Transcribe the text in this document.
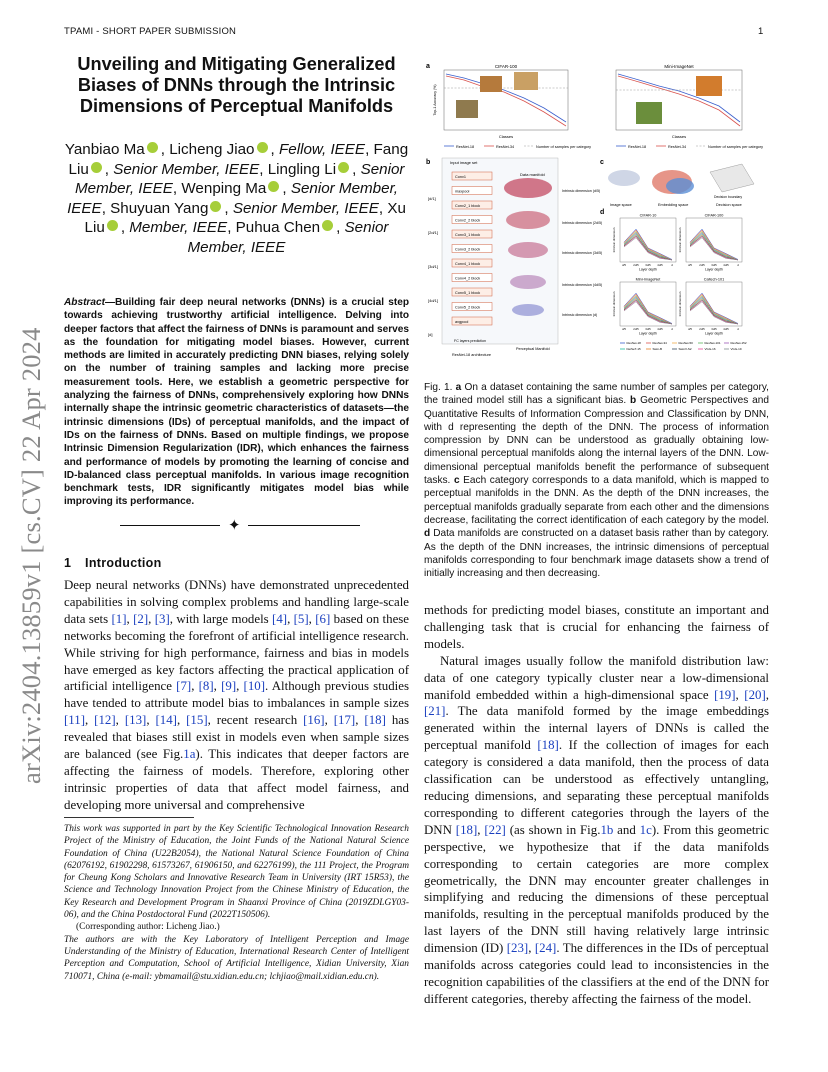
TPAMI - SHORT PAPER SUBMISSION	1
arXiv:2404.13859v1 [cs.CV] 22 Apr 2024
Unveiling and Mitigating Generalized Biases of DNNs through the Intrinsic Dimensions of Perceptual Manifolds
Yanbiao Ma , Licheng Jiao , Fellow, IEEE, Fang Liu , Senior Member, IEEE, Lingling Li , Senior Member, IEEE, Wenping Ma , Senior Member, IEEE, Shuyuan Yang , Senior Member, IEEE, Xu Liu , Member, IEEE, Puhua Chen , Senior Member, IEEE

Abstract—Building fair deep neural networks (DNNs) is a crucial step towards achieving trustworthy artificial intelligence. Delving into deeper factors that affect the fairness of DNNs is paramount and serves as the foundation for mitigating model biases. However, current methods are limited in accurately predicting DNN biases, relying solely on the number of training samples and lacking more precise measurement tools. Here, we establish a geometric perspective for analyzing the fairness of DNNs, comprehensively exploring how DNNs internally shape the intrinsic geometric characteristics of datasets—the intrinsic dimensions (IDs) of perceptual manifolds, and the impact of IDs on the fairness of DNNs. Based on multiple findings, we propose Intrinsic Dimension Regularization (IDR), which enhances the fairness and performance of models by promoting the learning of concise and ID-balanced class perceptual manifolds. In various image recognition benchmark tests, IDR significantly mitigates model bias while improving its performance.

✦
1 Introduction

Deep neural networks (DNNs) have demonstrated unprecedented capabilities in solving complex problems and handling large-scale data sets [1], [2], [3], with large models [4], [5], [6] based on these networks becoming the forefront of artificial intelligence research. While striving for high performance, fairness and bias in models have emerged as key factors affecting the practical application of artificial intelligence [7], [8], [9], [10]. Although previous studies have tended to attribute model bias to imbalances in sample sizes [11], [12], [13], [14], [15], recent research [16], [17], [18] has revealed that biases still exist in models even when sample sizes are balanced (see Fig.1a). This indicates that deeper factors are affecting the fairness of models. Therefore, exploring other intrinsic properties of data that affect model fairness, and developing more universal and comprehensive

This work was supported in part by the Key Scientific Technological Innovation Research Project of the Ministry of Education, the Joint Funds of the National Natural Science Foundation of China (U22B2054), the National Natural Science Foundation of China (62076192, 61902298, 61573267, 61906150, and 62276199), the 111 Project, the Program for Cheung Kong Scholars and Innovative Research Team in University (IRT 15R53), the Science and Technology Innovation Project from the Chinese Ministry of Education, the Key Research and Development Program in Shaanxi Province of China (2019ZDLGY03-06), and the China Postdoctoral Fund (2022T150506).

(Corresponding author: Licheng Jiao.)

The authors are with the Key Laboratory of Intelligent Perception and Image Understanding of the Ministry of Education, International Research Center of Intelligent Perception and Computation, School of Artificial Intelligence, Xidian University, Xian 710071, China (e-mail: ybmamail@stu.xidian.edu.cn; lchjiao@mail.xidian.edu.cn).

a	CIFAR-100
Classes
Top-1 Accuracy (%)
Mini-ImageNet
Classes
ResNet-18	ResNet-34	Number of samples per category	ResNet-18	ResNet-34	Number of samples per category
b	Input image set
Conv1
maxpool
Conv2_1 block
Conv2_2 block
Conv3_1 block
Conv3_2 block
Conv4_1 block
Conv4_2 block
Conv5_1 block
Conv5_2 block
avgpool
FC layers prediction
[d/1]
[2d/1]
[3d/1]
[4d/1]
[d]
Data manifold
Intrinsic dimension (d/5)
Intrinsic dimension (2d/5)
Intrinsic dimension (3d/5)
Intrinsic dimension (4d/5)
Intrinsic dimension (d)
Perceptual Manifold
ResNet-18 architecture
c
Image space	Embedding space	Decision space
Decision boundary
d	CIFAR-10
d/5	2d/5 3d/5 4d/5	d
Layer depth
Intrinsic dimension
CIFAR-100
d/5	2d/5 3d/5 4d/5	d
Layer depth
Intrinsic dimension
Mini-ImageNet
d/5	2d/5 3d/5 4d/5	d
Layer depth
Intrinsic dimension
Caltech-101
d/5	2d/5 3d/5 4d/5	d
Layer depth
Intrinsic dimension
ResNet-18	ResNet-34	ResNet-50	ResNet-101	ResNet-152
DeiSeT-15	Swin-B	SwinV-S2	VGG-16	VGG-19

Fig. 1. a On a dataset containing the same number of samples per category, the trained model still has a significant bias. b Geometric Perspectives and Quantitative Results of Information Compression and Classification by DNN, with d representing the depth of the DNN. The process of information compression by DNN can be understood as gradually obtaining low-dimensional perceptual manifolds along the internal layers of the DNN. Low-dimensional perceptual manifolds benefit the performance of subsequent tasks. c Each category corresponds to a data manifold, which is mapped to perceptual manifolds in the DNN. As the depth of the DNN increases, the perceptual manifolds gradually separate from each other and the dimensions decrease, facilitating the correct identification of each category by the model. d Data manifolds are constructed on a dataset basis rather than by category. As the depth of the DNN increases, the intrinsic dimensions of perceptual manifolds corresponding to four benchmark image datasets show a trend of initially increasing and then decreasing.

methods for predicting model biases, constitute an important and challenging task that is crucial for enhancing the fairness of models.

Natural images usually follow the manifold distribution law: data of one category typically cluster near a low-dimensional manifold embedded within a high-dimensional space [19], [20], [21]. The data manifold formed by the image embeddings generated within the internal layers of DNNs is called the perceptual manifold [18]. If the collection of images for each category is considered a data manifold, then the process of data classification can be understood as effectively untangling, reducing dimensions, and separating these perceptual manifolds corresponding to different categories through the layers of the DNN [18], [22] (as shown in Fig.1b and 1c). From this geometric perspective, we hypothesize that if the data manifolds corresponding to certain categories are more complex geometrically, the DNN may encounter greater challenges in simplifying and reducing the dimensions of these perceptual manifolds, resulting in the perceptual manifolds produced by the last layers of the DNN still having relatively large intrinsic dimension (ID) [23], [24]. The differences in the IDs of perceptual manifolds across categories could lead to inconsistencies in the recognition capabilities of the classifiers at the end of the DNN for different categories, thereby affecting the fairness of the model.
